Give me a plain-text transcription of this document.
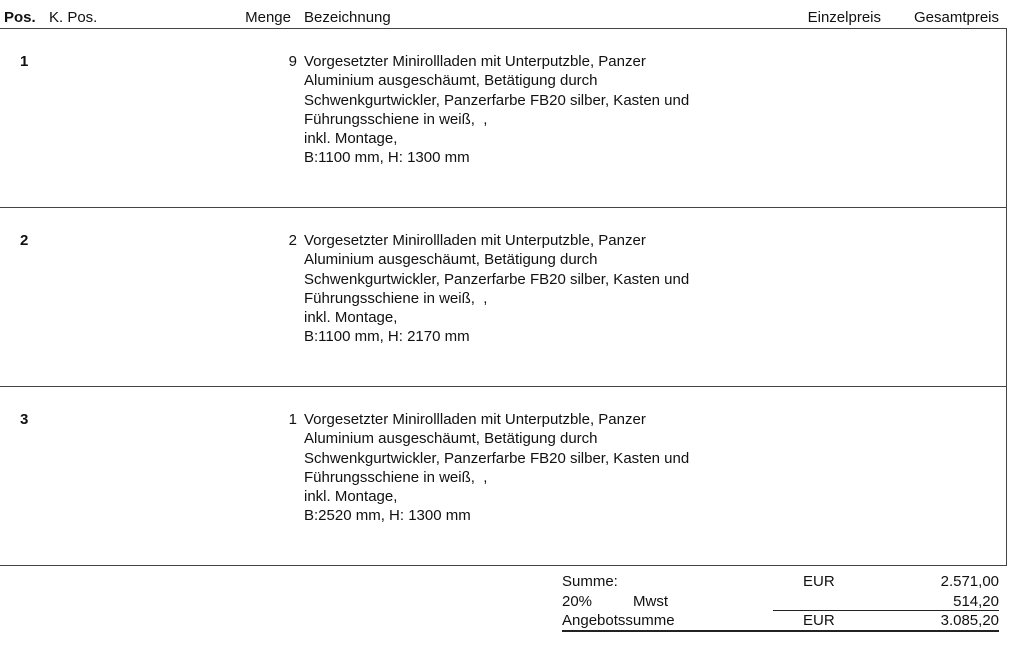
Pos. K. Pos.	Menge Bezeichnung	Einzelpreis Gesamtpreis
1	9 Vorgesetzter Minirollladen mit Unterputzble, Panzer
Aluminium ausgeschäumt, Betätigung durch
Schwenkgurtwickler, Panzerfarbe FB20 silber, Kasten und
Führungsschiene in weiß,  ,
inkl. Montage,
B:1100 mm, H: 1300 mm
2	2 Vorgesetzter Minirollladen mit Unterputzble, Panzer
Aluminium ausgeschäumt, Betätigung durch
Schwenkgurtwickler, Panzerfarbe FB20 silber, Kasten und
Führungsschiene in weiß,  ,
inkl. Montage,
B:1100 mm, H: 2170 mm
3	1 Vorgesetzter Minirollladen mit Unterputzble, Panzer
Aluminium ausgeschäumt, Betätigung durch
Schwenkgurtwickler, Panzerfarbe FB20 silber, Kasten und
Führungsschiene in weiß,  ,
inkl. Montage,
B:2520 mm, H: 1300 mm
Summe:	EUR	2.571,00
20%	Mwst	514,20
Angebotssumme	EUR	3.085,20
